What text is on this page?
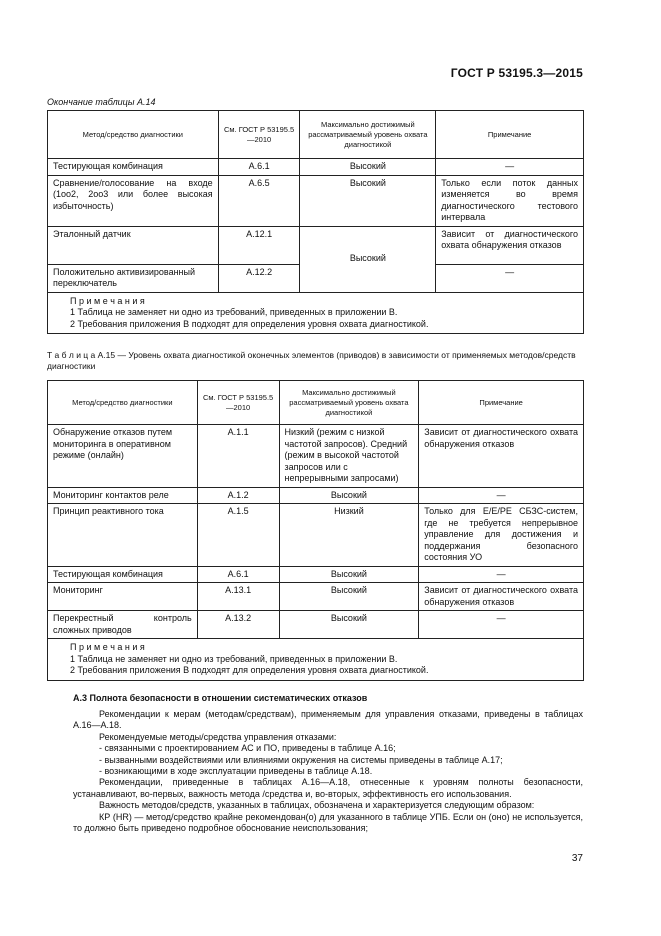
ГОСТ Р 53195.3—2015
Окончание таблицы А.14
Метод/средство диагностики	См. ГОСТ Р 53195.5—2010	Максимально достижимый рассматриваемый уровень охвата диагностикой	Примечание
Тестирующая комбинация	А.6.1	Высокий	—
Сравнение/голосование на входе (1oo2, 2oo3 или более высокая избыточность)	А.6.5	Высокий	Только если поток данных изменяется во время диагностического тестового интервала
Эталонный датчик	А.12.1	Высокий	Зависит от диагностического охвата обнаружения отказов
Положительно активизированный переключатель	А.12.2		—

П р и м е ч а н и я
1 Таблица не заменяет ни одно из требований, приведенных в приложении В.
2 Требования приложения В подходят для определения уровня охвата диагностикой.			
Т а б л и ц а А.15 — Уровень охвата диагностикой оконечных элементов (приводов) в зависимости от применяемых методов/средств диагностики
Метод/средство диагностики	См. ГОСТ Р 53195.5—2010	Максимально достижимый рассматриваемый уровень охвата диагностикой	Примечание
Обнаружение отказов путем мониторинга в оперативном режиме (онлайн)	А.1.1	Низкий (режим с низкой частотой запросов). Средний (режим в высокой частотой запросов или с непрерывными запросами)	Зависит от диагностического охвата обнаружения отказов
Мониторинг контактов реле	А.1.2	Высокий	—
Принцип реактивного тока	А.1.5	Низкий	Только для E/E/PE СБЗС-систем, где не требуется непрерывное управление для достижения и поддержания безопасного состояния УО
Тестирующая комбинация	А.6.1	Высокий	—
Мониторинг	А.13.1	Высокий	Зависит от диагностического охвата обнаружения отказов
Перекрестный контроль сложных приводов	А.13.2	Высокий	—

П р и м е ч а н и я
1 Таблица не заменяет ни одно из требований, приведенных в приложении В.
2 Требования приложения В подходят для определения уровня охвата диагностикой.			
А.3 Полнота безопасности в отношении систематических отказов

Рекомендации к мерам (методам/средствам), применяемым для управления отказами, приведены в таблицах А.16—А.18.

Рекомендуемые методы/средства управления отказами:

- связанными с проектированием АС и ПО, приведены в таблице А.16;

- вызванными воздействиями или влияниями окружения на системы приведены в таблице А.17;

- возникающими в ходе эксплуатации приведены в таблице А.18.

Рекомендации, приведенные в таблицах А.16—А.18, отнесенные к уровням полноты безопасности, устанавливают, во-первых, важность метода /средства и, во-вторых, эффективность его использования.

Важность методов/средств, указанных в таблицах, обозначена и характеризуется следующим образом:

КР (HR) — метод/средство крайне рекомендован(о) для указанного в таблице УПБ. Если он (оно) не используется, то должно быть приведено подробное обоснование неиспользования;

37
